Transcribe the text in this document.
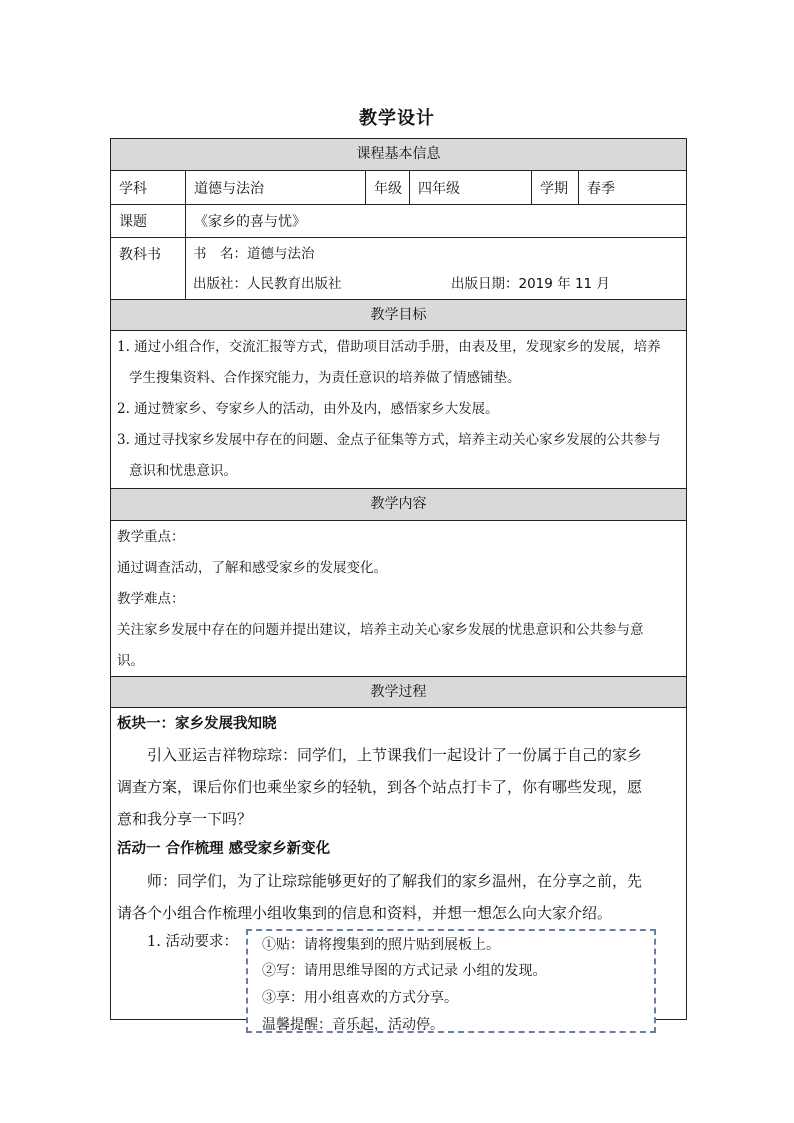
教学设计
课程基本信息
学科	道德与法治	年级	四年级	学期	春季
课题	《家乡的喜与忧》
教科书	书　名：道德与法治
出版社：人民教育出版社	出版日期：2019 年 11 月
教学目标
1. 通过小组合作，交流汇报等方式，借助项目活动手册，由表及里，发现家乡的发展，培养
学生搜集资料、合作探究能力，为责任意识的培养做了情感铺垫。
2. 通过赞家乡、夸家乡人的活动，由外及内，感悟家乡大发展。
3. 通过寻找家乡发展中存在的问题、金点子征集等方式，培养主动关心家乡发展的公共参与
意识和忧患意识。
教学内容
教学重点：
通过调查活动，了解和感受家乡的发展变化。
教学难点：
关注家乡发展中存在的问题并提出建议，培养主动关心家乡发展的忧患意识和公共参与意
识。
教学过程
板块一：家乡发展我知晓
引入亚运吉祥物琮琮：同学们，上节课我们一起设计了一份属于自己的家乡
调查方案，课后你们也乘坐家乡的轻轨，到各个站点打卡了，你有哪些发现，愿
意和我分享一下吗？
活动一 合作梳理 感受家乡新变化
师：同学们，为了让琮琮能够更好的了解我们的家乡温州，在分享之前，先
请各个小组合作梳理小组收集到的信息和资料，并想一想怎么向大家介绍。
1. 活动要求： ①贴：请将搜集到的照片贴到展板上。
②写：请用思维导图的方式记录 小组的发现。
③享：用小组喜欢的方式分享。
温馨提醒：音乐起，活动停。
